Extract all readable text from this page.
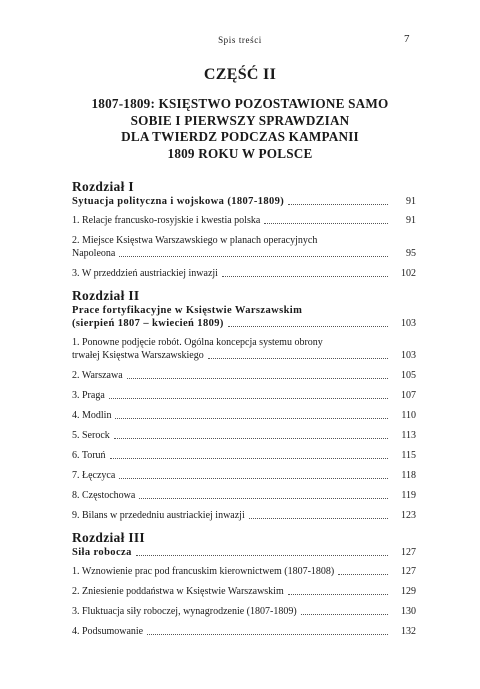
Spis treści	7
CZĘŚĆ II
1807-1809: KSIĘSTWO POZOSTAWIONE SAMO
SOBIE I PIERWSZY SPRAWDZIAN
DLA TWIERDZ PODCZAS KAMPANII
1809 ROKU W POLSCE

Rozdział I

Sytuacja polityczna i wojskowa (1807-1809)	91
1. Relacje francusko-rosyjskie i kwestia polska	91

2. Miejsce Księstwa Warszawskiego w planach operacyjnych

Napoleona	95
3. W przeddzień austriackiej inwazji	102

Rozdział II

Prace fortyfikacyjne w Księstwie Warszawskim

(sierpień 1807 – kwiecień 1809)	103

1. Ponowne podjęcie robót. Ogólna koncepcja systemu obrony

trwałej Księstwa Warszawskiego	103
2. Warszawa	105
3. Praga	107
4. Modlin	110
5. Serock	113
6. Toruń	115
7. Łęczyca	118
8. Częstochowa	119
9. Bilans w przededniu austriackiej inwazji	123

Rozdział III

Siła robocza	127
1. Wznowienie prac pod francuskim kierownictwem (1807-1808)	127
2. Zniesienie poddaństwa w Księstwie Warszawskim	129
3. Fluktuacja siły roboczej, wynagrodzenie (1807-1809)	130
4. Podsumowanie	132
